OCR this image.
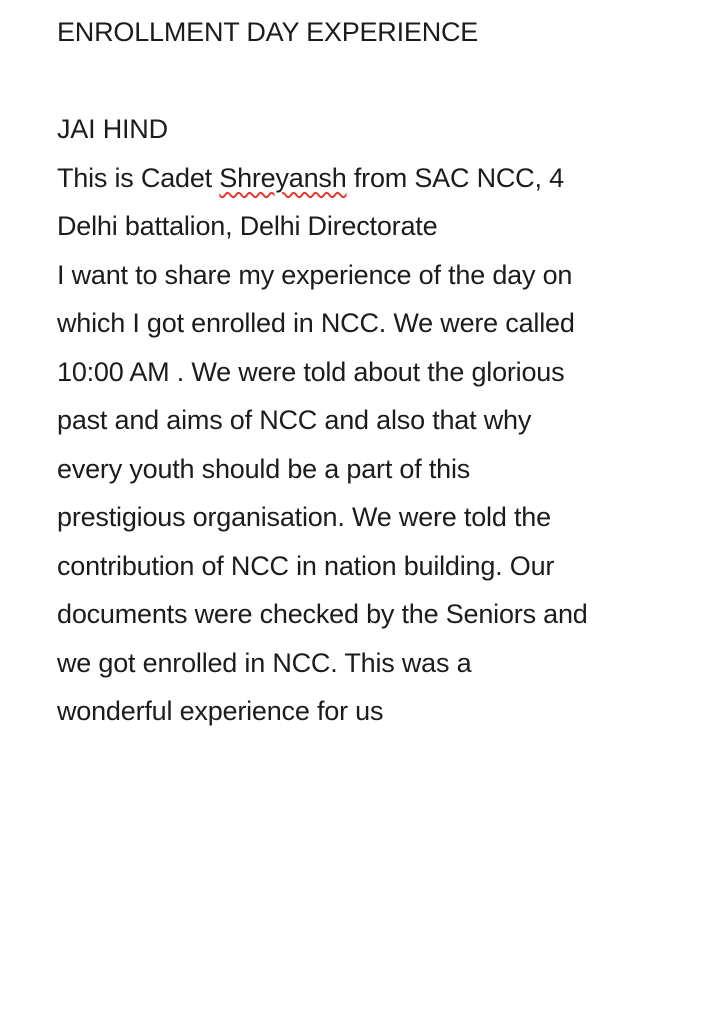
ENROLLMENT DAY EXPERIENCE
JAI HIND
This is Cadet Shreyansh from SAC NCC, 4
Delhi battalion, Delhi Directorate
I want to share my experience of the day on
which I got enrolled in NCC. We were called
10:00 AM . We were told about the glorious
past and aims of NCC and also that why
every youth should be a part of this
prestigious organisation. We were told the
contribution of NCC in nation building. Our
documents were checked by the Seniors and
we got enrolled in NCC. This was a
wonderful experience for us
